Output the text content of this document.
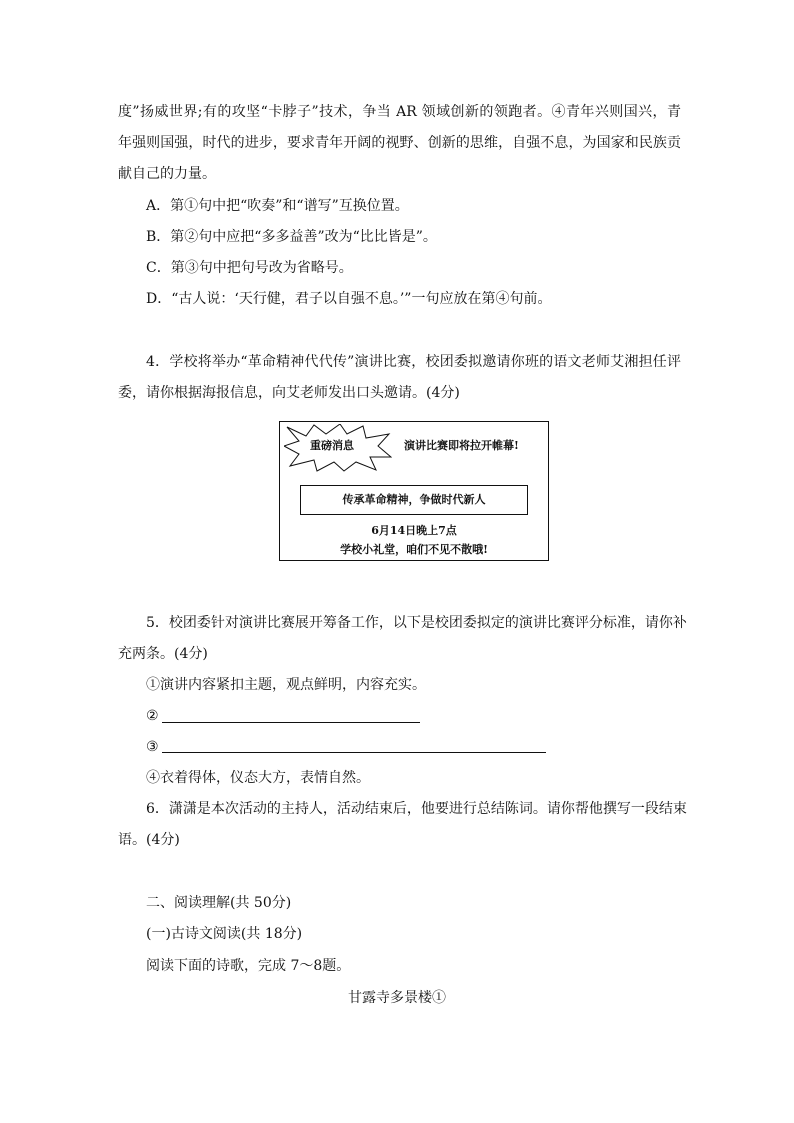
度”扬威世界;有的攻坚“卡脖子”技术，争当 AR 领域创新的领跑者。④青年兴则国兴，青
年强则国强，时代的进步，要求青年开阔的视野、创新的思维，自强不息，为国家和民族贡
献自己的力量。
A．第①句中把“吹奏”和“谱写”互换位置。
B．第②句中应把“多多益善”改为“比比皆是”。
C．第③句中把句号改为省略号。
D．“古人说：‘天行健，君子以自强不息。’”一句应放在第④句前。
4．学校将举办“革命精神代代传”演讲比赛，校团委拟邀请你班的语文老师艾湘担任评
委，请你根据海报信息，向艾老师发出口头邀请。(4分)
重磅消息	演讲比赛即将拉开帷幕!
传承革命精神，争做时代新人
6月14日晚上7点
学校小礼堂，咱们不见不散哦!
5．校团委针对演讲比赛展开筹备工作，以下是校团委拟定的演讲比赛评分标准，请你补
充两条。(4分)
①演讲内容紧扣主题，观点鲜明，内容充实。
②
③
④衣着得体，仪态大方，表情自然。
6．潇潇是本次活动的主持人，活动结束后，他要进行总结陈词。请你帮他撰写一段结束
语。(4分)
二、阅读理解(共 50分)
(一)古诗文阅读(共 18分)
阅读下面的诗歌，完成 7～8题。
甘露寺多景楼①
